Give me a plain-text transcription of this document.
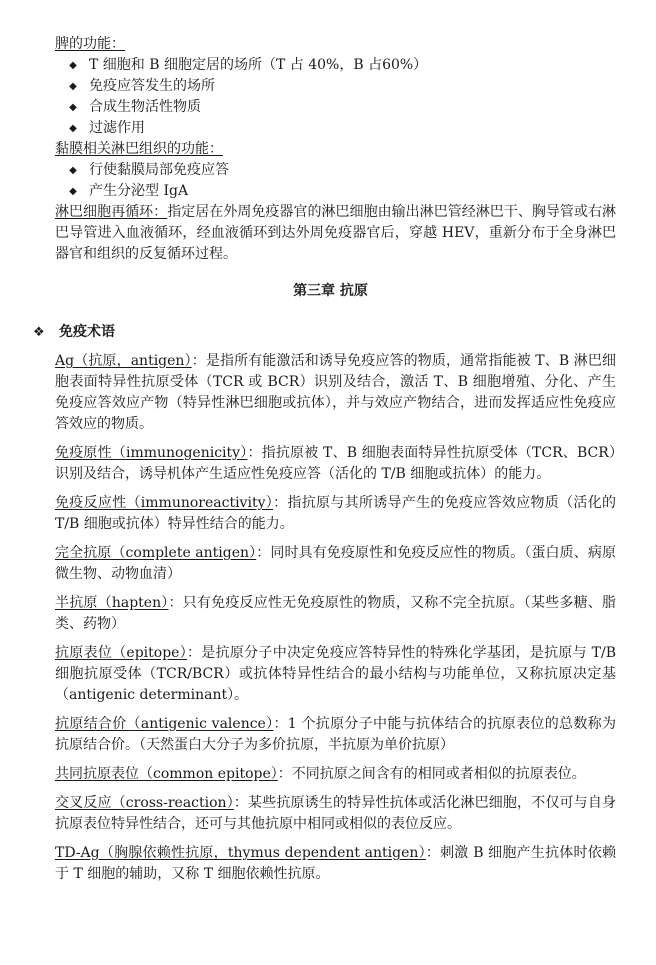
脾的功能：
◆ T 细胞和 B 细胞定居的场所（T 占 40%，B 占60%）
◆ 免疫应答发生的场所
◆ 合成生物活性物质
◆ 过滤作用
黏膜相关淋巴组织的功能：
◆ 行使黏膜局部免疫应答
◆ 产生分泌型 IgA

淋巴细胞再循环：指定居在外周免疫器官的淋巴细胞由输出淋巴管经淋巴干、胸导管或右淋巴导管进入血液循环，经血液循环到达外周免疫器官后，穿越 HEV，重新分布于全身淋巴器官和组织的反复循环过程。

第三章 抗原
❖ 免疫术语

Ag（抗原，antigen）：是指所有能激活和诱导免疫应答的物质，通常指能被 T、B 淋巴细胞表面特异性抗原受体（TCR 或 BCR）识别及结合，激活 T、B 细胞增殖、分化、产生免疫应答效应产物（特异性淋巴细胞或抗体），并与效应产物结合，进而发挥适应性免疫应答效应的物质。

免疫原性（immunogenicity）：指抗原被 T、B 细胞表面特异性抗原受体（TCR、BCR）识别及结合，诱导机体产生适应性免疫应答（活化的 T/B 细胞或抗体）的能力。

免疫反应性（immunoreactivity）：指抗原与其所诱导产生的免疫应答效应物质（活化的 T/B 细胞或抗体）特异性结合的能力。

完全抗原（complete antigen）：同时具有免疫原性和免疫反应性的物质。（蛋白质、病原微生物、动物血清）

半抗原（hapten）：只有免疫反应性无免疫原性的物质，又称不完全抗原。（某些多糖、脂类、药物）

抗原表位（epitope）：是抗原分子中决定免疫应答特异性的特殊化学基团，是抗原与 T/B 细胞抗原受体（TCR/BCR）或抗体特异性结合的最小结构与功能单位，又称抗原决定基（antigenic determinant）。

抗原结合价（antigenic valence）：1 个抗原分子中能与抗体结合的抗原表位的总数称为抗原结合价。（天然蛋白大分子为多价抗原，半抗原为单价抗原）

共同抗原表位（common epitope）：不同抗原之间含有的相同或者相似的抗原表位。

交叉反应（cross-reaction）：某些抗原诱生的特异性抗体或活化淋巴细胞，不仅可与自身抗原表位特异性结合，还可与其他抗原中相同或相似的表位反应。

TD-Ag（胸腺依赖性抗原，thymus dependent antigen）：刺激 B 细胞产生抗体时依赖于 T 细胞的辅助，又称 T 细胞依赖性抗原。
